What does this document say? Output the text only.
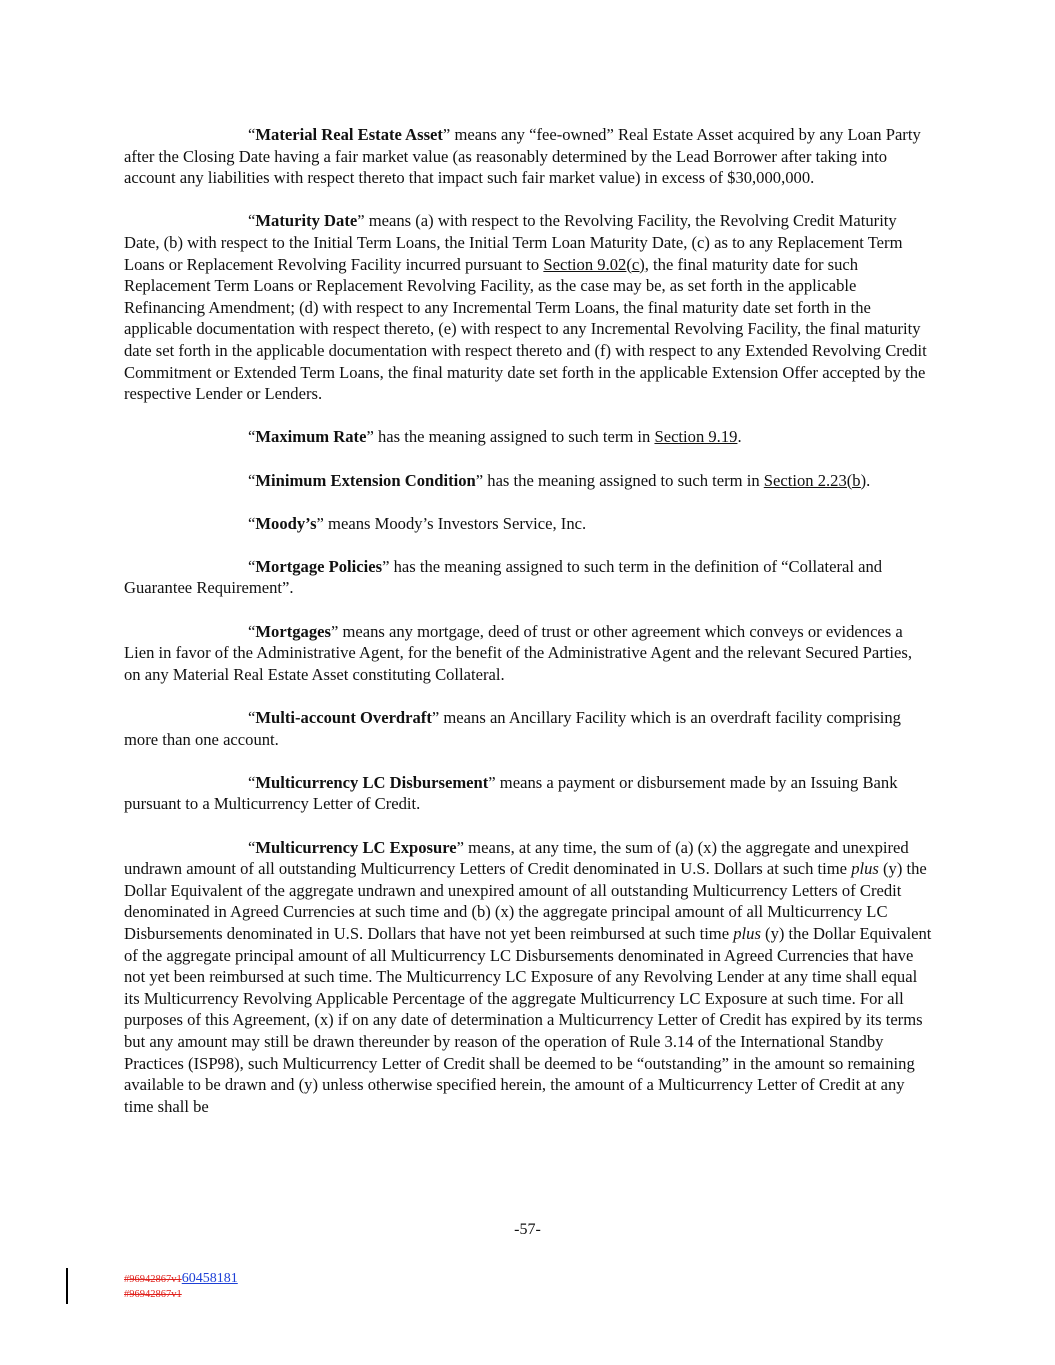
“Material Real Estate Asset” means any “fee-owned” Real Estate Asset acquired by any Loan Party after the Closing Date having a fair market value (as reasonably determined by the Lead Borrower after taking into account any liabilities with respect thereto that impact such fair market value) in excess of $30,000,000.

“Maturity Date” means (a) with respect to the Revolving Facility, the Revolving Credit Maturity Date, (b) with respect to the Initial Term Loans, the Initial Term Loan Maturity Date, (c) as to any Replacement Term Loans or Replacement Revolving Facility incurred pursuant to Section 9.02(c), the final maturity date for such Replacement Term Loans or Replacement Revolving Facility, as the case may be, as set forth in the applicable Refinancing Amendment; (d) with respect to any Incremental Term Loans, the final maturity date set forth in the applicable documentation with respect thereto, (e) with respect to any Incremental Revolving Facility, the final maturity date set forth in the applicable documentation with respect thereto and (f) with respect to any Extended Revolving Credit Commitment or Extended Term Loans, the final maturity date set forth in the applicable Extension Offer accepted by the respective Lender or Lenders.

“Maximum Rate” has the meaning assigned to such term in Section 9.19.

“Minimum Extension Condition” has the meaning assigned to such term in Section 2.23(b).

“Moody’s” means Moody’s Investors Service, Inc.

“Mortgage Policies” has the meaning assigned to such term in the definition of “Collateral and Guarantee Requirement”.

“Mortgages” means any mortgage, deed of trust or other agreement which conveys or evidences a Lien in favor of the Administrative Agent, for the benefit of the Administrative Agent and the relevant Secured Parties, on any Material Real Estate Asset constituting Collateral.

“Multi-account Overdraft” means an Ancillary Facility which is an overdraft facility comprising more than one account.

“Multicurrency LC Disbursement” means a payment or disbursement made by an Issuing Bank pursuant to a Multicurrency Letter of Credit.

“Multicurrency LC Exposure” means, at any time, the sum of (a) (x) the aggregate and unexpired undrawn amount of all outstanding Multicurrency Letters of Credit denominated in U.S. Dollars at such time plus (y) the Dollar Equivalent of the aggregate undrawn and unexpired amount of all outstanding Multicurrency Letters of Credit denominated in Agreed Currencies at such time and (b) (x) the aggregate principal amount of all Multicurrency LC Disbursements denominated in U.S. Dollars that have not yet been reimbursed at such time plus (y) the Dollar Equivalent of the aggregate principal amount of all Multicurrency LC Disbursements denominated in Agreed Currencies that have not yet been reimbursed at such time. The Multicurrency LC Exposure of any Revolving Lender at any time shall equal its Multicurrency Revolving Applicable Percentage of the aggregate Multicurrency LC Exposure at such time. For all purposes of this Agreement, (x) if on any date of determination a Multicurrency Letter of Credit has expired by its terms but any amount may still be drawn thereunder by reason of the operation of Rule 3.14 of the International Standby Practices (ISP98), such Multicurrency Letter of Credit shall be deemed to be “outstanding” in the amount so remaining available to be drawn and (y) unless otherwise specified herein, the amount of a Multicurrency Letter of Credit at any time shall be

-57-
#96942867v160458181
#96942867v1
